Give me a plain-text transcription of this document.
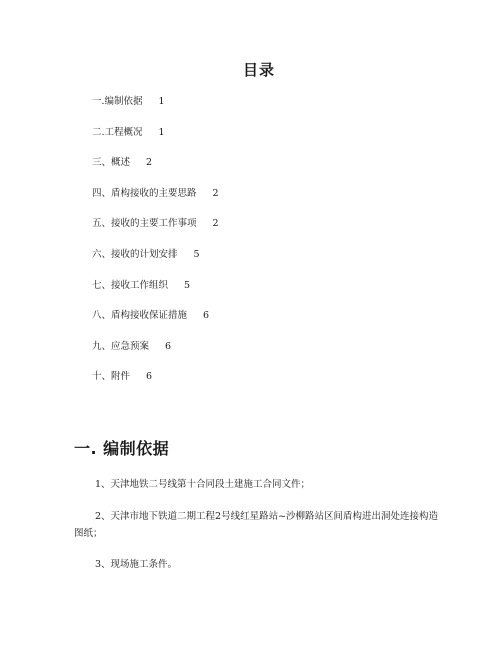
目录
一.编制依据 1
二.工程概况 1
三、概述 2
四、盾构接收的主要思路 2
五、接收的主要工作事项 2
六、接收的计划安排 5
七、接收工作组织 5
八、盾构接收保证措施 6
九、应急预案 6
十、附件 6
一. 编制依据

1、天津地铁二号线第十合同段土建施工合同文件；

2、天津市地下铁道二期工程2号线红星路站~沙柳路站区间盾构进出洞处连接构造图纸；

3、现场施工条件。
